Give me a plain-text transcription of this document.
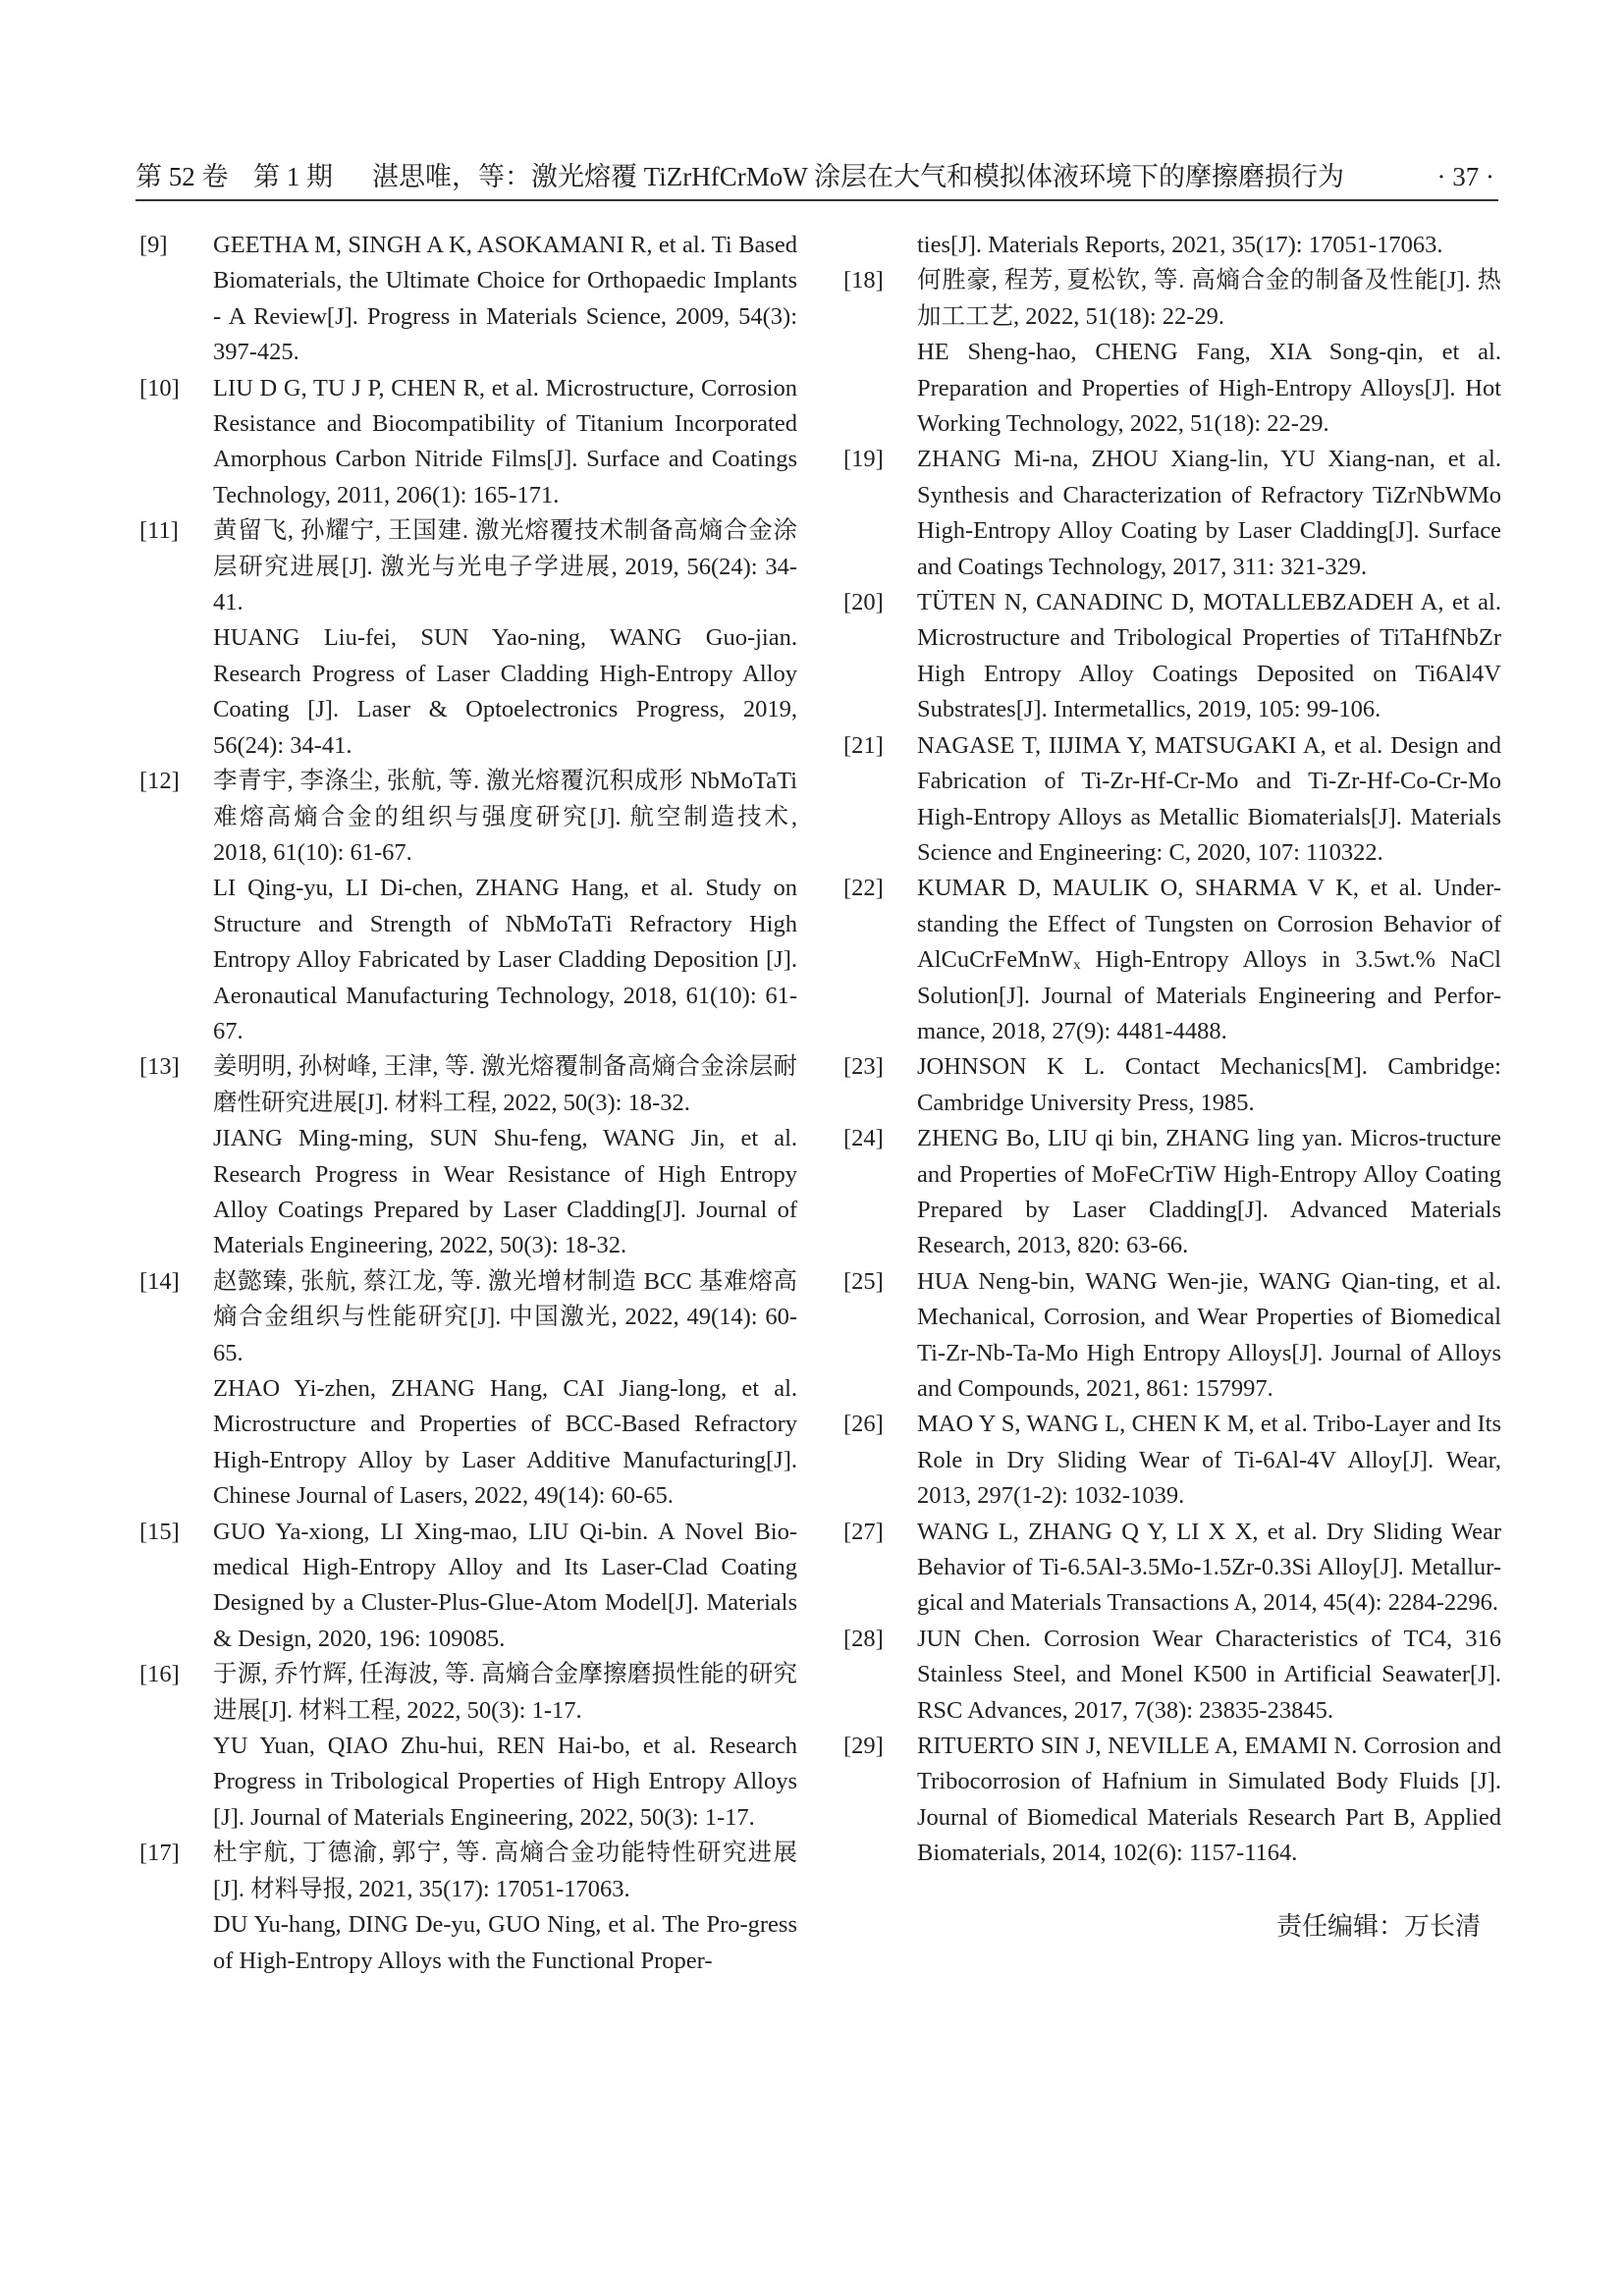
第 52 卷 第 1 期 湛思唯，等：激光熔覆 TiZrHfCrMoW 涂层在大气和模拟体液环境下的摩擦磨损行为	· 37 ·
[9] GEETHA M, SINGH A K, ASOKAMANI R, et al. Ti Based Biomaterials, the Ultimate Choice for Orthopaedic Implants - A Review[J]. Progress in Materials Science, 2009, 54(3): 397-425.
[10] LIU D G, TU J P, CHEN R, et al. Microstructure, Corrosion Resistance and Biocompatibility of Titanium Incorporated Amorphous Carbon Nitride Films[J]. Surface and Coatings Technology, 2011, 206(1): 165-171.
[11] 黄留飞, 孙耀宁, 王国建. 激光熔覆技术制备高熵合金涂层研究进展[J]. 激光与光电子学进展, 2019, 56(24): 34-41.
HUANG Liu-fei, SUN Yao-ning, WANG Guo-jian. Research Progress of Laser Cladding High-Entropy Alloy Coating [J]. Laser & Optoelectronics Progress, 2019, 56(24): 34-41.
[12] 李青宇, 李涤尘, 张航, 等. 激光熔覆沉积成形 NbMoTaTi 难熔高熵合金的组织与强度研究[J]. 航空制造技术, 2018, 61(10): 61-67.
LI Qing-yu, LI Di-chen, ZHANG Hang, et al. Study on Structure and Strength of NbMoTaTi Refractory High Entropy Alloy Fabricated by Laser Cladding Deposition [J]. Aeronautical Manufacturing Technology, 2018, 61(10): 61-67.
[13] 姜明明, 孙树峰, 王津, 等. 激光熔覆制备高熵合金涂层耐磨性研究进展[J]. 材料工程, 2022, 50(3): 18-32.
JIANG Ming-ming, SUN Shu-feng, WANG Jin, et al. Research Progress in Wear Resistance of High Entropy Alloy Coatings Prepared by Laser Cladding[J]. Journal of Materials Engineering, 2022, 50(3): 18-32.
[14] 赵懿臻, 张航, 蔡江龙, 等. 激光增材制造 BCC 基难熔高熵合金组织与性能研究[J]. 中国激光, 2022, 49(14): 60-65.
ZHAO Yi-zhen, ZHANG Hang, CAI Jiang-long, et al. Microstructure and Properties of BCC-Based Refractory High-Entropy Alloy by Laser Additive Manufacturing[J]. Chinese Journal of Lasers, 2022, 49(14): 60-65.
[15] GUO Ya-xiong, LI Xing-mao, LIU Qi-bin. A Novel Bio-medical High-Entropy Alloy and Its Laser-Clad Coating Designed by a Cluster-Plus-Glue-Atom Model[J]. Materials & Design, 2020, 196: 109085.
[16] 于源, 乔竹辉, 任海波, 等. 高熵合金摩擦磨损性能的研究进展[J]. 材料工程, 2022, 50(3): 1-17.
YU Yuan, QIAO Zhu-hui, REN Hai-bo, et al. Research Progress in Tribological Properties of High Entropy Alloys [J]. Journal of Materials Engineering, 2022, 50(3): 1-17.
[17] 杜宇航, 丁德渝, 郭宁, 等. 高熵合金功能特性研究进展[J]. 材料导报, 2021, 35(17): 17051-17063.
DU Yu-hang, DING De-yu, GUO Ning, et al. The Pro-gress of High-Entropy Alloys with the Functional Proper-
ties[J]. Materials Reports, 2021, 35(17): 17051-17063.
[18] 何胜豪, 程芳, 夏松钦, 等. 高熵合金的制备及性能[J]. 热加工工艺, 2022, 51(18): 22-29.
HE Sheng-hao, CHENG Fang, XIA Song-qin, et al. Preparation and Properties of High-Entropy Alloys[J]. Hot Working Technology, 2022, 51(18): 22-29.
[19] ZHANG Mi-na, ZHOU Xiang-lin, YU Xiang-nan, et al. Synthesis and Characterization of Refractory TiZrNbWMo High-Entropy Alloy Coating by Laser Cladding[J]. Surface and Coatings Technology, 2017, 311: 321-329.
[20] TÜTEN N, CANADINC D, MOTALLEBZADEH A, et al. Microstructure and Tribological Properties of TiTaHfNbZr High Entropy Alloy Coatings Deposited on Ti6Al4V Substrates[J]. Intermetallics, 2019, 105: 99-106.
[21] NAGASE T, IIJIMA Y, MATSUGAKI A, et al. Design and Fabrication of Ti-Zr-Hf-Cr-Mo and Ti-Zr-Hf-Co-Cr-Mo High-Entropy Alloys as Metallic Biomaterials[J]. Materials Science and Engineering: C, 2020, 107: 110322.
[22] KUMAR D, MAULIK O, SHARMA V K, et al. Under-standing the Effect of Tungsten on Corrosion Behavior of AlCuCrFeMnWₓ High-Entropy Alloys in 3.5wt.% NaCl Solution[J]. Journal of Materials Engineering and Perfor-mance, 2018, 27(9): 4481-4488.
[23] JOHNSON K L. Contact Mechanics[M]. Cambridge: Cambridge University Press, 1985.
[24] ZHENG Bo, LIU qi bin, ZHANG ling yan. Micros-tructure and Properties of MoFeCrTiW High-Entropy Alloy Coating Prepared by Laser Cladding[J]. Advanced Materials Research, 2013, 820: 63-66.
[25] HUA Neng-bin, WANG Wen-jie, WANG Qian-ting, et al. Mechanical, Corrosion, and Wear Properties of Biomedical Ti-Zr-Nb-Ta-Mo High Entropy Alloys[J]. Journal of Alloys and Compounds, 2021, 861: 157997.
[26] MAO Y S, WANG L, CHEN K M, et al. Tribo-Layer and Its Role in Dry Sliding Wear of Ti-6Al-4V Alloy[J]. Wear, 2013, 297(1-2): 1032-1039.
[27] WANG L, ZHANG Q Y, LI X X, et al. Dry Sliding Wear Behavior of Ti-6.5Al-3.5Mo-1.5Zr-0.3Si Alloy[J]. Metallur-gical and Materials Transactions A, 2014, 45(4): 2284-2296.
[28] JUN Chen. Corrosion Wear Characteristics of TC4, 316 Stainless Steel, and Monel K500 in Artificial Seawater[J]. RSC Advances, 2017, 7(38): 23835-23845.
[29] RITUERTO SIN J, NEVILLE A, EMAMI N. Corrosion and Tribocorrosion of Hafnium in Simulated Body Fluids [J]. Journal of Biomedical Materials Research Part B, Applied Biomaterials, 2014, 102(6): 1157-1164.
责任编辑：万长清
